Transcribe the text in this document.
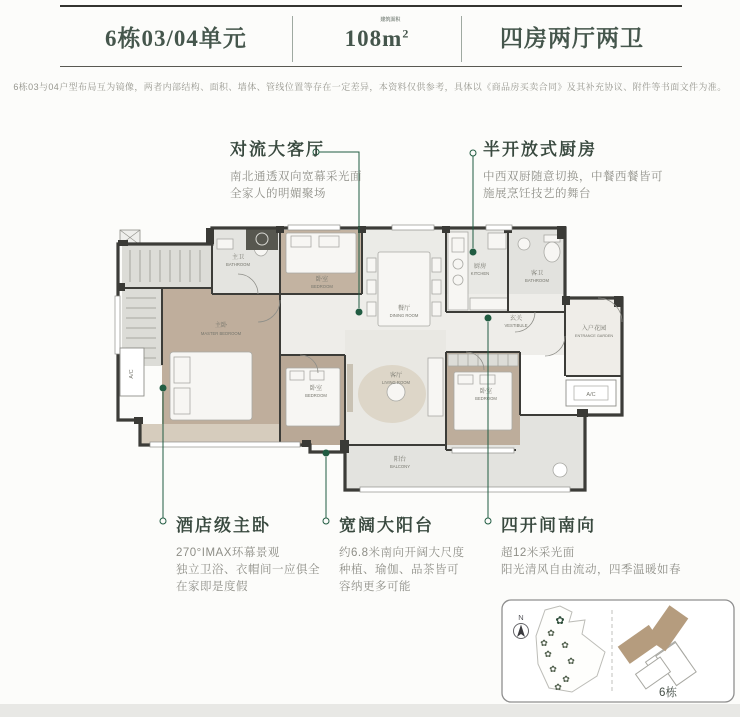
6栋03/04单元	108m
建筑面积
$^2$	四房两厅两卫
6栋03与04户型布局互为镜像，两者内部结构、面积、墙体、管线位置等存在一定差异，本资料仅供参考，具体以《商品房买卖合同》及其补充协议、附件等书面文件为准。
A/C
A/C
主卧
MASTER BEDROOM
主卫
BATHROOM
卧室
BEDROOM
餐厅
DINING ROOM
厨房
KITCHEN	客卫
BATHROOM
玄关
VESTIBULE	入户花园
ENTRANCE GARDEN
客厅
LIVING ROOM
卧室
BEDROOM
卧室
BEDROOM
阳台
BALCONY
N	✿
✿
✿
✿
✿
✿
✿
✿
✿	6栋
对流大客厅
南北通透双向宽幕采光面
全家人的明媚聚场
半开放式厨房
中西双厨随意切换，中餐西餐皆可
施展烹饪技艺的舞台
酒店级主卧
270°IMAX环幕景观
独立卫浴、衣帽间一应俱全
在家即是度假
宽阔大阳台
约6.8米南向开阔大尺度
种植、瑜伽、品茶皆可
容纳更多可能
四开间南向
超12米采光面
阳光清风自由流动，四季温暖如春
